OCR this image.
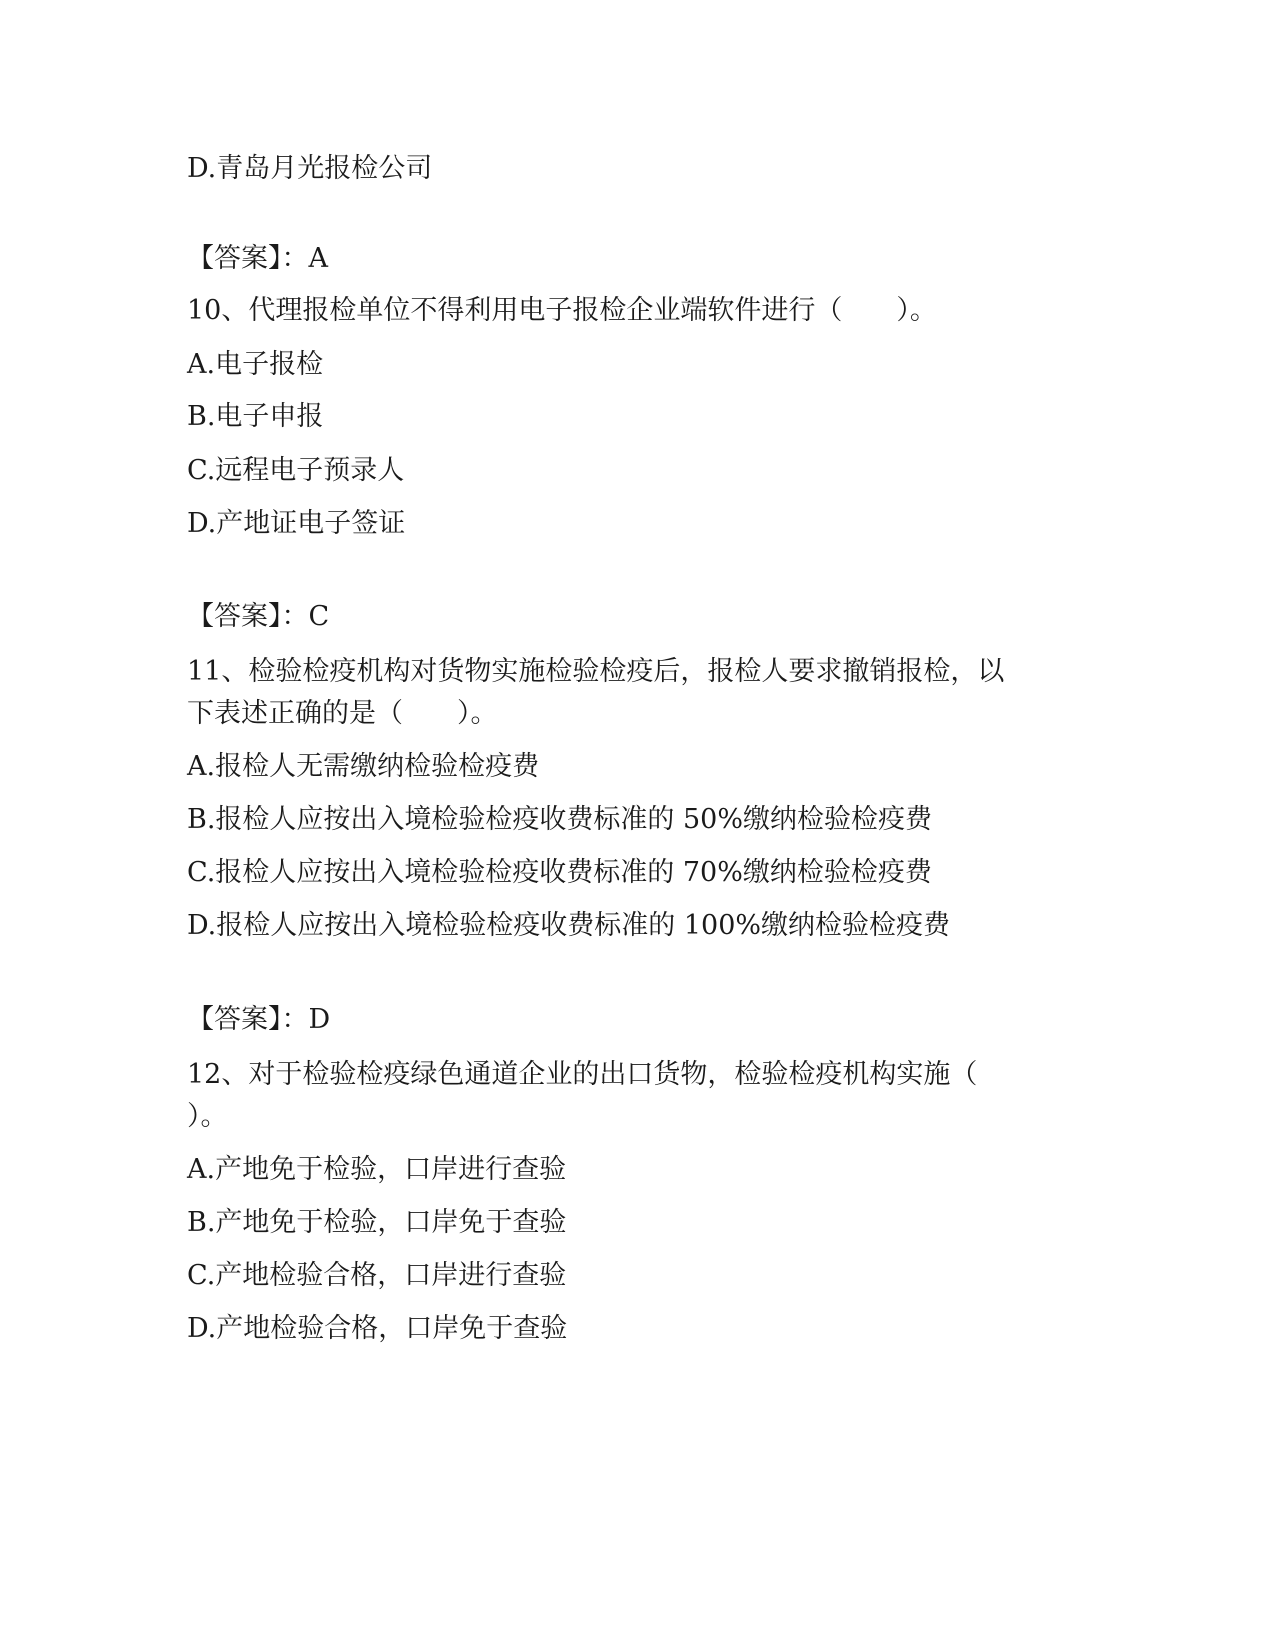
D.青岛月光报检公司
【答案】：A
10、代理报检单位不得利用电子报检企业端软件进行（　　）。
A.电子报检
B.电子申报
C.远程电子预录人
D.产地证电子签证
【答案】：C
11、检验检疫机构对货物实施检验检疫后，报检人要求撤销报检，以
下表述正确的是（　　）。
A.报检人无需缴纳检验检疫费
B.报检人应按出入境检验检疫收费标准的 50%缴纳检验检疫费
C.报检人应按出入境检验检疫收费标准的 70%缴纳检验检疫费
D.报检人应按出入境检验检疫收费标准的 100%缴纳检验检疫费
【答案】：D
12、对于检验检疫绿色通道企业的出口货物，检验检疫机构实施（
）。
A.产地免于检验，口岸进行查验
B.产地免于检验，口岸免于查验
C.产地检验合格，口岸进行查验
D.产地检验合格，口岸免于查验
